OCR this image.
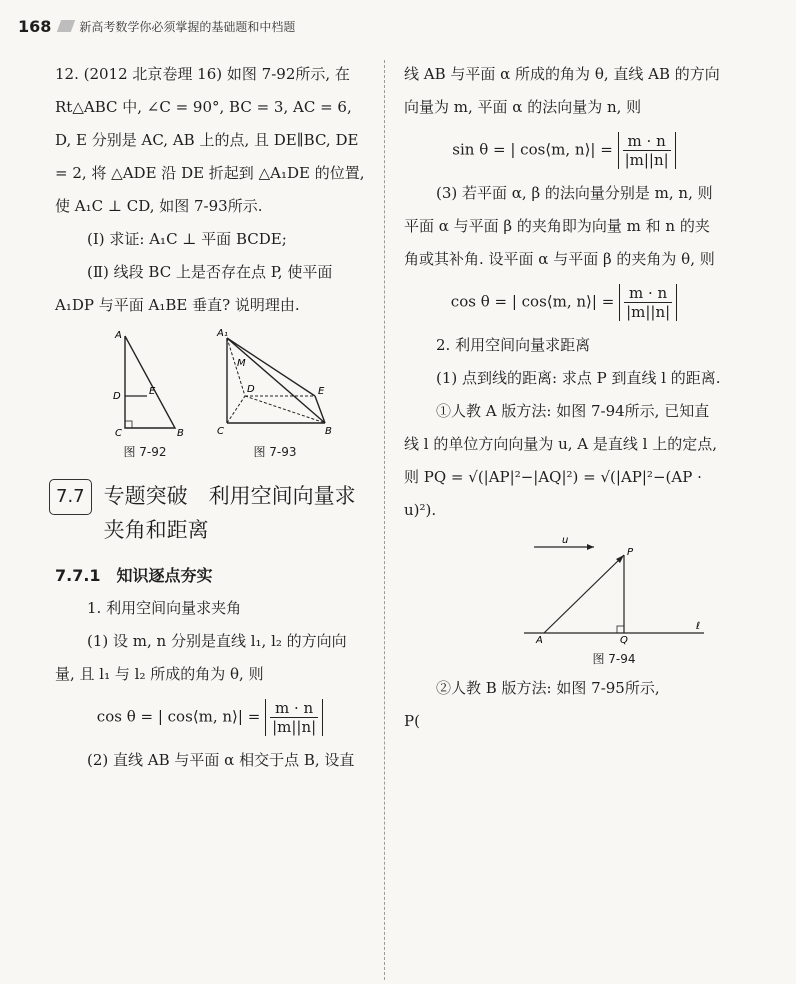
168 新高考数学你必须掌握的基础题和中档题

12. (2012 北京卷理 16) 如图 7-92所示, 在 Rt△ABC 中, ∠C = 90°, BC = 3, AC = 6, D, E 分别是 AC, AB 上的点, 且 DE∥BC, DE = 2, 将 △ADE 沿 DE 折起到 △A₁DE 的位置, 使 A₁C ⊥ CD, 如图 7-93所示.

(Ⅰ) 求证: A₁C ⊥ 平面 BCDE;

(Ⅱ) 线段 BC 上是否存在点 P, 使平面 A₁DP 与平面 A₁BE 垂直? 说明理由.

A
D	E
C	B
图 7-92
A₁
M
D	E
C	B
图 7-93
7.7 专题突破　利用空间向量求夹角和距离
7.7.1　知识逐点夯实

1. 利用空间向量求夹角

(1) 设 m, n 分别是直线 l₁, l₂ 的方向向量, 且 l₁ 与 l₂ 所成的角为 θ, 则

cos θ = | cos⟨m, n⟩| = $\frac{m \cdot n}{|m||n|}$

(2) 直线 AB 与平面 α 相交于点 B, 设直

线 AB 与平面 α 所成的角为 θ, 直线 AB 的方向向量为 m, 平面 α 的法向量为 n, 则

sin θ = | cos⟨m, n⟩| = $\frac{m \cdot n}{|m||n|}$

(3) 若平面 α, β 的法向量分别是 m, n, 则平面 α 与平面 β 的夹角即为向量 m 和 n 的夹角或其补角. 设平面 α 与平面 β 的夹角为 θ, 则

cos θ = | cos⟨m, n⟩| = $\frac{m \cdot n}{|m||n|}$

2. 利用空间向量求距离

(1) 点到线的距离: 求点 P 到直线 l 的距离.

①人教 A 版方法: 如图 7-94所示, 已知直线 l 的单位方向向量为 u, A 是直线 l 上的定点, 则 PQ = √(|AP|²−|AQ|²) = √(|AP|²−(AP · u)²).

u
P
A	Q
ℓ
图 7-94

②人教 B 版方法: 如图 7-95所示,

P(
